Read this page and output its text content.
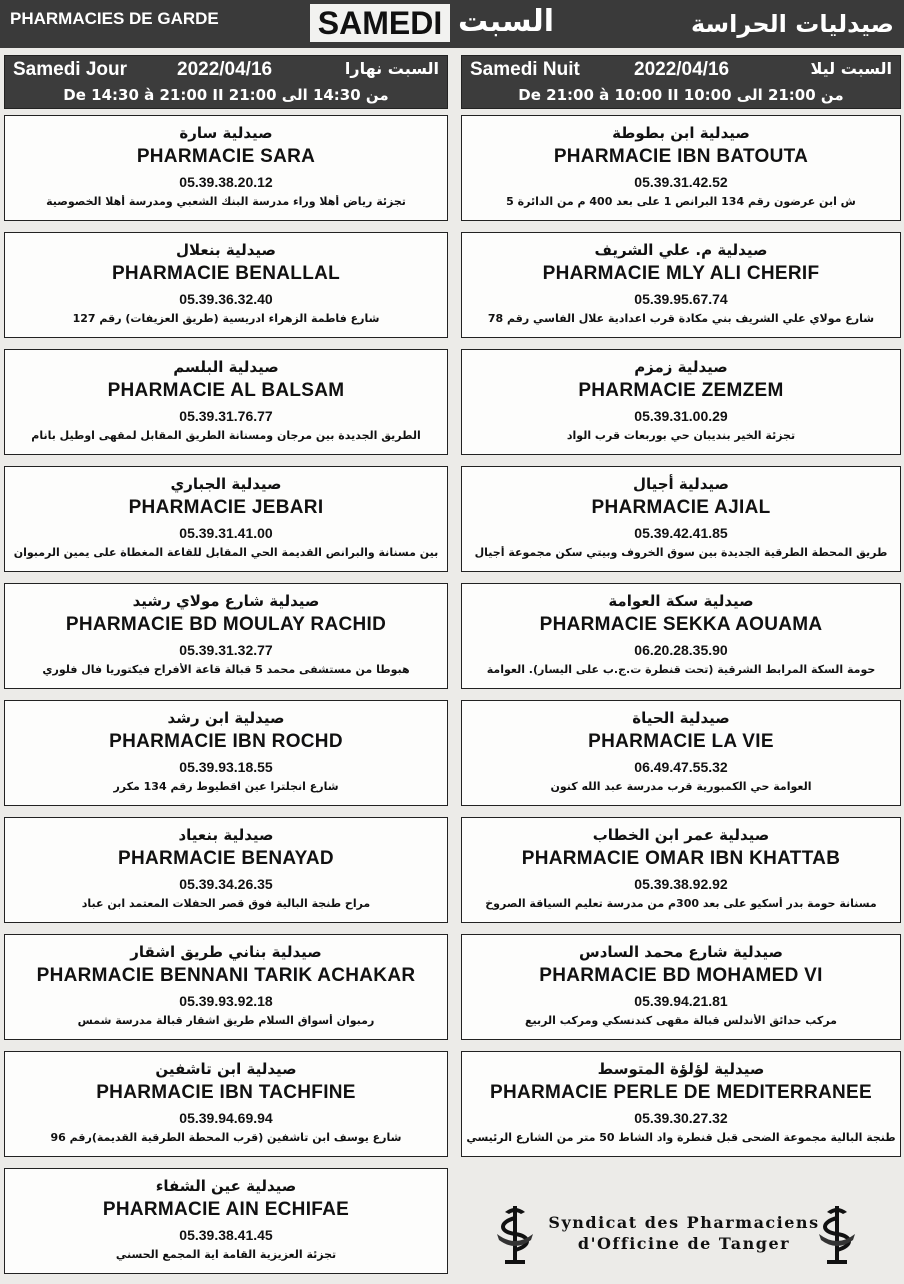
PHARMACIES DE GARDE	SAMEDI السبت	صيدليات الحراسة
Samedi Jour	2022/04/16	السبت نهارا
De 14:30 à 21:00 II 21:00 من 14:30 الى
صيدلية سارة
PHARMACIE SARA
05.39.38.20.12
تجزئة رياض أهلا وراء مدرسة البنك الشعبي ومدرسة أهلا الخصوصية
صيدلية بنعلال
PHARMACIE BENALLAL
05.39.36.32.40
شارع فاطمة الزهراء ادريسية (طريق العزيفات) رقم 127
صيدلية البلسم
PHARMACIE AL BALSAM
05.39.31.76.77
الطريق الجديدة بين مرجان ومسنانة الطريق المقابل لمقهى اوطيل بانام
صيدلية الجباري
PHARMACIE JEBARI
05.39.31.41.00
بين مسنانة والبرانص القديمة الحي المقابل للقاعة المغطاة على يمين الرمبوان
صيدلية شارع مولاي رشيد
PHARMACIE BD MOULAY RACHID
05.39.31.32.77
هبوطا من مستشفى محمد 5 قبالة قاعة الأفراح فيكتوريا فال فلوري
صيدلية ابن رشد
PHARMACIE IBN ROCHD
05.39.93.18.55
شارع انجلترا عين اقطيوط رقم 134 مكرر
صيدلية بنعياد
PHARMACIE BENAYAD
05.39.34.26.35
مراح طنجة البالية فوق قصر الحفلات المعتمد ابن عباد
صيدلية بناني طريق اشقار
PHARMACIE BENNANI TARIK ACHAKAR
05.39.93.92.18
رمبوان أسواق السلام طريق اشقار قبالة مدرسة شمس
صيدلية ابن تاشفين
PHARMACIE IBN TACHFINE
05.39.94.69.94
شارع يوسف ابن تاشفين (قرب المحطة الطرقية القديمة)رقم 96
صيدلية عين الشفاء
PHARMACIE AIN ECHIFAE
05.39.38.41.45
تجزئة العزيزية القامة اية المجمع الحسني
Samedi Nuit	2022/04/16	السبت ليلا
De 21:00 à 10:00 II 10:00 من 21:00 الى
صيدلية ابن بطوطة
PHARMACIE IBN BATOUTA
05.39.31.42.52
ش ابن عرضون رقم 134 البرانص 1 على بعد 400 م من الدائرة 5
صيدلية م. علي الشريف
PHARMACIE MLY ALI CHERIF
05.39.95.67.74
شارع مولاي علي الشريف بني مكادة قرب اعدادية علال الفاسي رقم 78
صيدلية زمزم
PHARMACIE ZEMZEM
05.39.31.00.29
تجزئة الخير بنديبان حي بوربعات قرب الواد
صيدلية أجيال
PHARMACIE AJIAL
05.39.42.41.85
طريق المحطة الطرقية الجديدة بين سوق الخروف وبيتي سكن مجموعة أجيال
صيدلية سكة العوامة
PHARMACIE SEKKA AOUAMA
06.20.28.35.90
حومة السكة المرابط الشرقية (تحت قنطرة ت.ج.ب على اليسار). العوامة
صيدلية الحياة
PHARMACIE LA VIE
06.49.47.55.32
العوامة حي الكمبورية قرب مدرسة عبد الله كنون
صيدلية عمر ابن الخطاب
PHARMACIE OMAR IBN KHATTAB
05.39.38.92.92
مسنانة حومة بدر أسكيو على بعد 300م من مدرسة تعليم السياقة الصروخ
صيدلية شارع محمد السادس
PHARMACIE BD MOHAMED VI
05.39.94.21.81
مركب حدائق الأندلس قبالة مقهى كندنسكي ومركب الربيع
صيدلية لؤلؤة المتوسط
PHARMACIE PERLE DE MEDITERRANEE
05.39.30.27.32
طنجة البالية مجموعة الضحى قبل قنطرة واد الشاط 50 متر من الشارع الرئيسي
Syndicat des Pharmaciens
d'Officine de Tanger
